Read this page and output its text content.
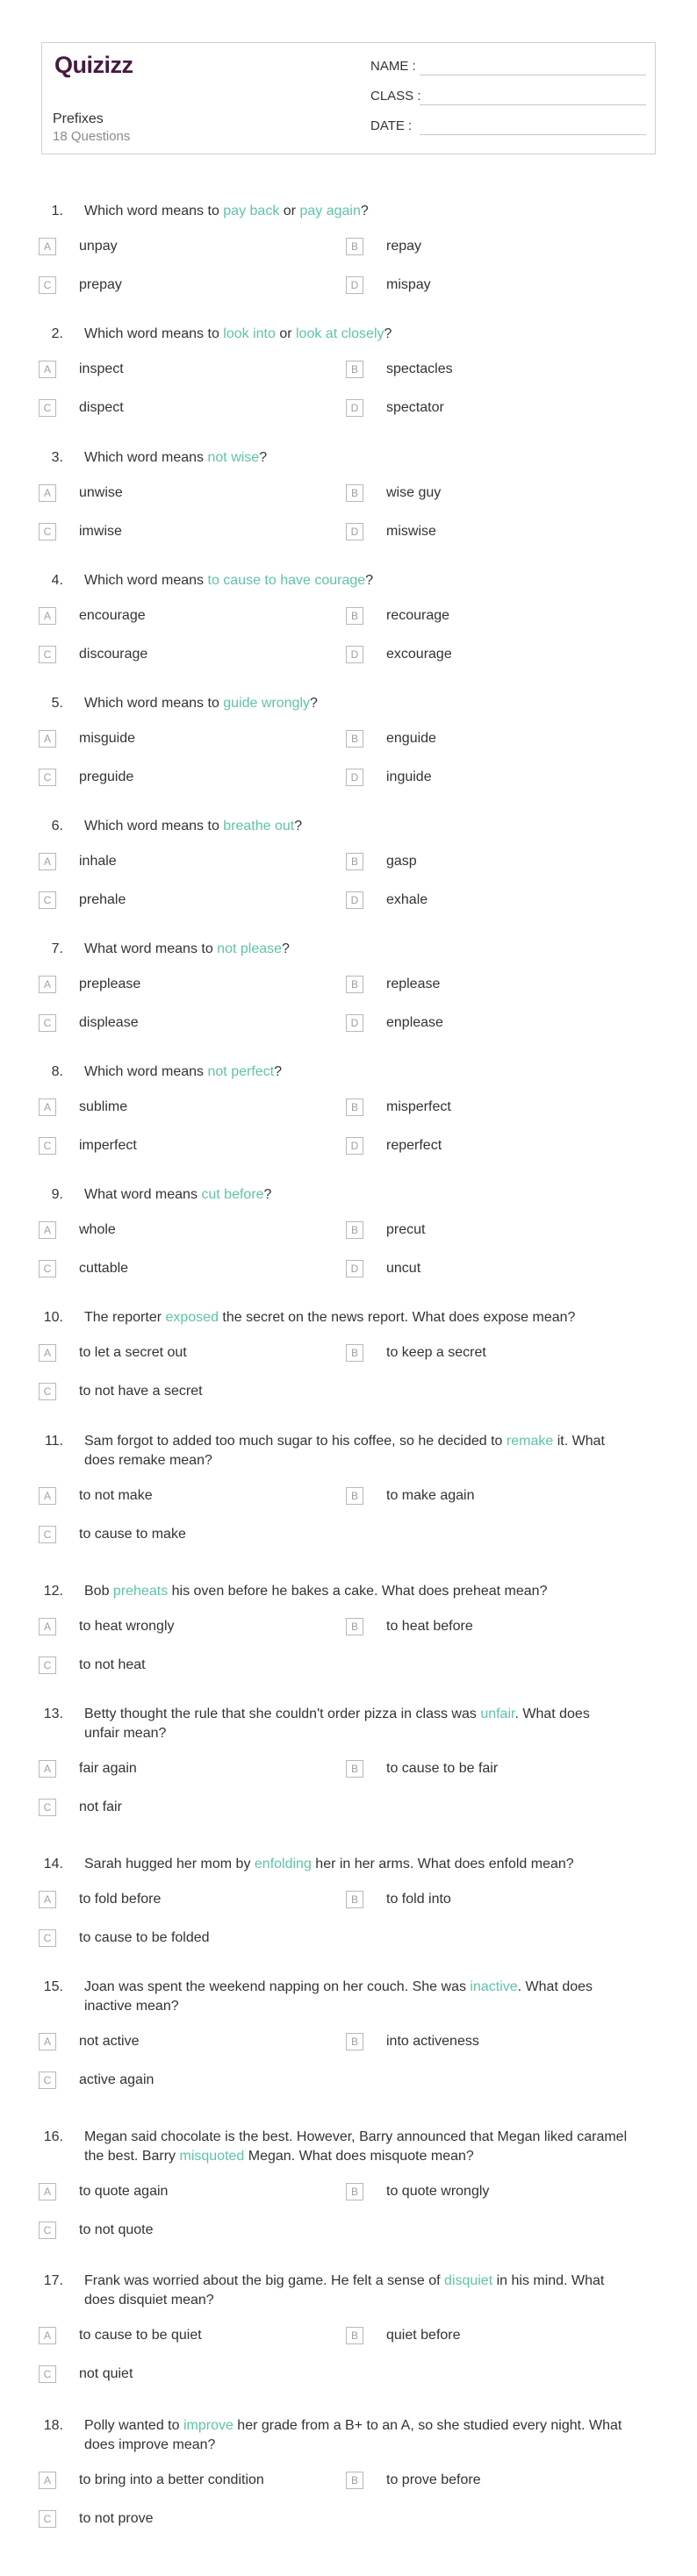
Quizizz
Prefixes
18 Questions
NAME :
CLASS :
DATE :
1. Which word means to pay back or pay again?
A	unpay	B	repay
C	prepay	D	mispay
2. Which word means to look into or look at closely?
A	inspect	B	spectacles
C	dispect	D	spectator
3. Which word means not wise?
A	unwise	B	wise guy
C	imwise	D	miswise
4. Which word means to cause to have courage?
A	encourage	B	recourage
C	discourage	D	excourage
5. Which word means to guide wrongly?
A	misguide	B	enguide
C	preguide	D	inguide
6. Which word means to breathe out?
A	inhale	B	gasp
C	prehale	D	exhale
7. What word means to not please?
A	preplease	B	replease
C	displease	D	enplease
8. Which word means not perfect?
A	sublime	B	misperfect
C	imperfect	D	reperfect
9. What word means cut before?
A	whole	B	precut
C	cuttable	D	uncut
10. The reporter exposed the secret on the news report. What does expose mean?
A	to let a secret out	B	to keep a secret
C	to not have a secret
11. Sam forgot to added too much sugar to his coffee, so he decided to remake it. What does remake mean?
A	to not make	B	to make again
C	to cause to make
12. Bob preheats his oven before he bakes a cake. What does preheat mean?
A	to heat wrongly	B	to heat before
C	to not heat
13. Betty thought the rule that she couldn't order pizza in class was unfair. What does unfair mean?
A	fair again	B	to cause to be fair
C	not fair
14. Sarah hugged her mom by enfolding her in her arms. What does enfold mean?
A	to fold before	B	to fold into
C	to cause to be folded
15. Joan was spent the weekend napping on her couch. She was inactive. What does inactive mean?
A	not active	B	into activeness
C	active again
16. Megan said chocolate is the best. However, Barry announced that Megan liked caramel the best. Barry misquoted Megan. What does misquote mean?
A	to quote again	B	to quote wrongly
C	to not quote
17. Frank was worried about the big game. He felt a sense of disquiet in his mind. What does disquiet mean?
A	to cause to be quiet	B	quiet before
C	not quiet
18. Polly wanted to improve her grade from a B+ to an A, so she studied every night. What does improve mean?
A	to bring into a better condition	B	to prove before
C	to not prove
